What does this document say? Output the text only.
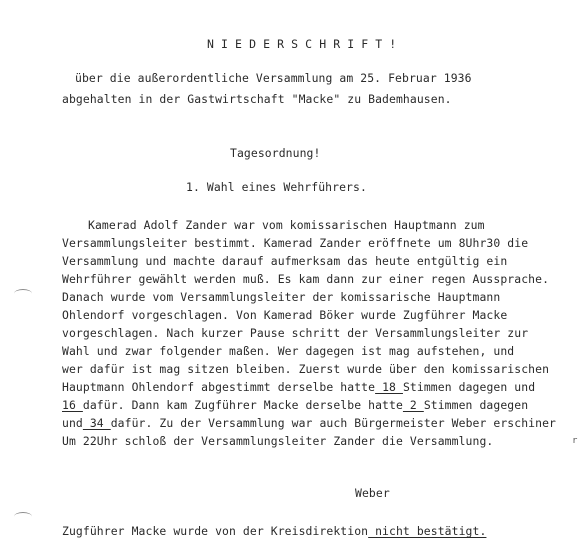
NIEDERSCHRIFT!
über die außerordentliche Versammlung am 25. Februar 1936
abgehalten in der Gastwirtschaft "Macke" zu Bademhausen.
Tagesordnung!
1. Wahl eines Wehrführers.
Kamerad Adolf Zander war vom komissarischen Hauptmann zum
Versammlungsleiter bestimmt. Kamerad Zander eröffnete um 8Uhr30 die
Versammlung und machte darauf aufmerksam das heute entgültig ein
Wehrführer gewählt werden muß. Es kam dann zur einer regen Aussprache.
Danach wurde vom Versammlungsleiter der komissarische Hauptmann
Ohlendorf vorgeschlagen. Von Kamerad Böker wurde Zugführer Macke
vorgeschlagen. Nach kurzer Pause schritt der Versammlungsleiter zur
Wahl und zwar folgender maßen. Wer dagegen ist mag aufstehen, und
wer dafür ist mag sitzen bleiben. Zuerst wurde über den komissarischen
Hauptmann Ohlendorf abgestimmt derselbe hatte 18 Stimmen dagegen und
16 dafür. Dann kam Zugführer Macke derselbe hatte 2 Stimmen dagegen
und 34 dafür. Zu der Versammlung war auch Bürgermeister Weber erschiner
Um 22Uhr schloß der Versammlungsleiter Zander die Versammlung.	r
Weber
Zugführer Macke wurde von der Kreisdirektion nicht bestätigt.
